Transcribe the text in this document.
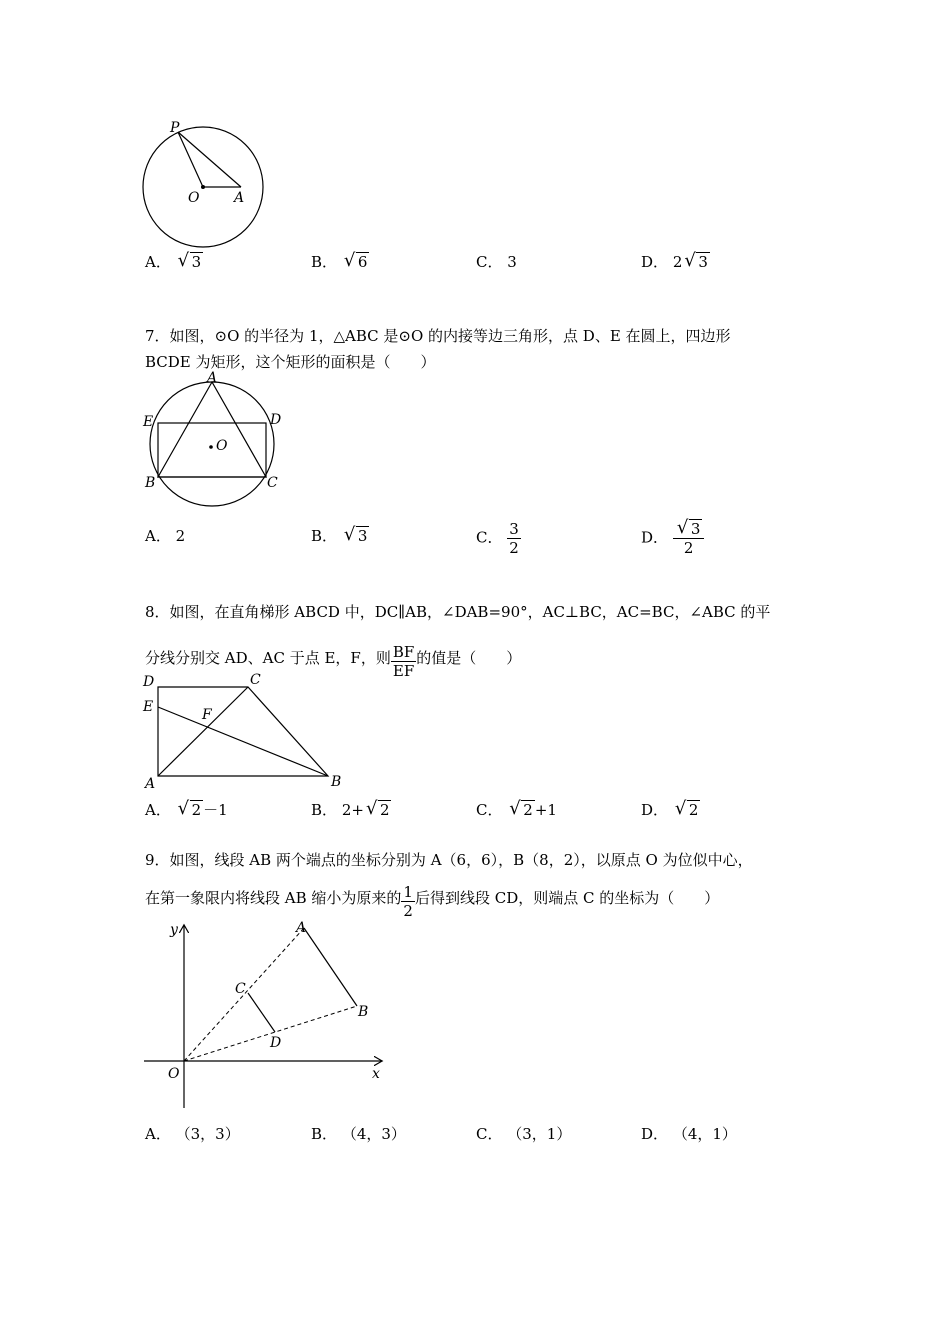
P
O A
A． √ 3	B． √ 6	C． 3	D． 2 √ 3
7．如图，⊙O 的半径为 1，△ABC 是⊙O 的内接等边三角形，点 D、E 在圆上，四边形
BCDE 为矩形，这个矩形的面积是（　　）
A
E	D
O
B	C
A． 2	B． √ 3	C． $\frac{3}{2}$	D． $\frac{√ 3}{2}$
8．如图，在直角梯形 ABCD 中，DC∥AB，∠DAB=90°，AC⊥BC，AC=BC，∠ABC 的平
分线分别交 AD、AC 于点 E，F，则 $\frac{BF}{EF}$ 的值是（　　）
D	C
E	F
A	B
A． √ 2 －1	B． 2+ √ 2	C． √ 2 +1	D． √ 2
9．如图，线段 AB 两个端点的坐标分别为 A（6，6），B（8，2），以原点 O 为位似中心，
在第一象限内将线段 AB 缩小为原来的 $\frac{1}{2}$ 后得到线段 CD，则端点 C 的坐标为（　　）
y	A
C
B
D
O	x
A． （3，3）	B． （4，3）	C． （3，1）	D． （4，1）
